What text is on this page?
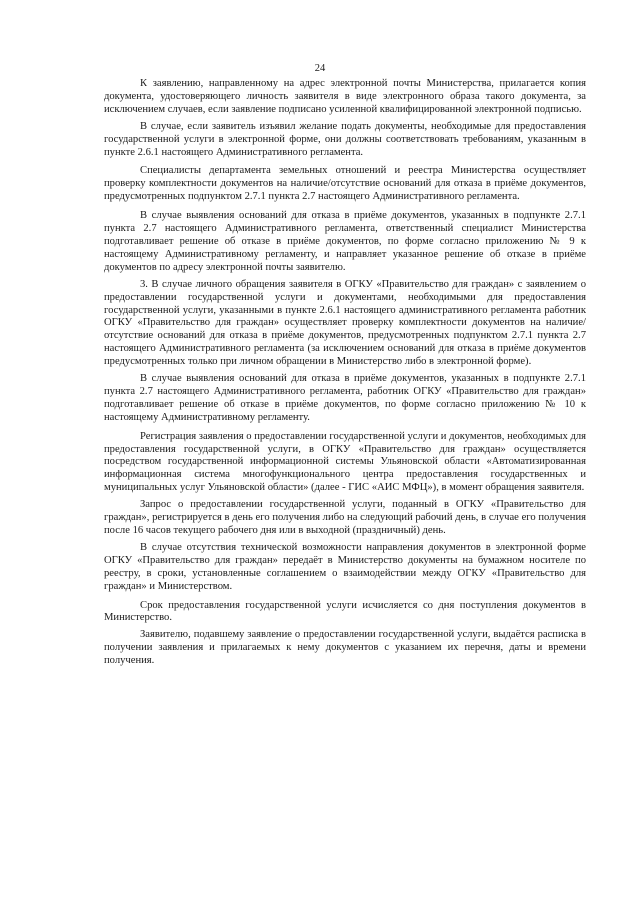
24

К заявлению, направленному на адрес электронной почты Министерства, прилагается копия документа, удостоверяющего личность заявителя в виде электронного образа такого документа, за исключением случаев, если заявление подписано усиленной квалифицированной электронной подписью.

В случае, если заявитель изъявил желание подать документы, необходимые для предоставления государственной услуги в электронной форме, они должны соответствовать требованиям, указанным в пункте 2.6.1 настоящего Административного регламента.

Специалисты департамента земельных отношений и реестра Министерства осуществляет проверку комплектности документов на наличие/отсутствие оснований для отказа в приёме документов, предусмотренных подпунктом 2.7.1 пункта 2.7 настоящего Административного регламента.

В случае выявления оснований для отказа в приёме документов, указанных в подпункте 2.7.1 пункта 2.7 настоящего Административного регламента, ответственный специалист Министерства подготавливает решение об отказе в приёме документов, по форме согласно приложению № 9 к настоящему Административному регламенту, и направляет указанное решение об отказе в приёме документов по адресу электронной почты заявителю.

3. В случае личного обращения заявителя в ОГКУ «Правительство для граждан» с заявлением о предоставлении государственной услуги и документами, необходимыми для предоставления государственной услуги, указанными в пункте 2.6.1 настоящего административного регламента работник ОГКУ «Правительство для граждан» осуществляет проверку комплектности документов на наличие/отсутствие оснований для отказа в приёме документов, предусмотренных подпунктом 2.7.1 пункта 2.7 настоящего Административного регламента (за исключением оснований для отказа в приёме документов предусмотренных только при личном обращении в Министерство либо в электронной форме).

В случае выявления оснований для отказа в приёме документов, указанных в подпункте 2.7.1 пункта 2.7 настоящего Административного регламента, работник ОГКУ «Правительство для граждан» подготавливает решение об отказе в приёме документов, по форме согласно приложению № 10 к настоящему Административному регламенту.

Регистрация заявления о предоставлении государственной услуги и документов, необходимых для предоставления государственной услуги, в ОГКУ «Правительство для граждан» осуществляется посредством государственной информационной системы Ульяновской области «Автоматизированная информационная система многофункционального центра предоставления государственных и муниципальных услуг Ульяновской области» (далее - ГИС «АИС МФЦ»), в момент обращения заявителя.

Запрос о предоставлении государственной услуги, поданный в ОГКУ «Правительство для граждан», регистрируется в день его получения либо на следующий рабочий день, в случае его получения после 16 часов текущего рабочего дня или в выходной (праздничный) день.

В случае отсутствия технической возможности направления документов в электронной форме ОГКУ «Правительство для граждан» передаёт в Министерство документы на бумажном носителе по реестру, в сроки, установленные соглашением о взаимодействии между ОГКУ «Правительство для граждан» и Министерством.

Срок предоставления государственной услуги исчисляется со дня поступления документов в Министерство.

Заявителю, подавшему заявление о предоставлении государственной услуги, выдаётся расписка в получении заявления и прилагаемых к нему документов с указанием их перечня, даты и времени получения.
